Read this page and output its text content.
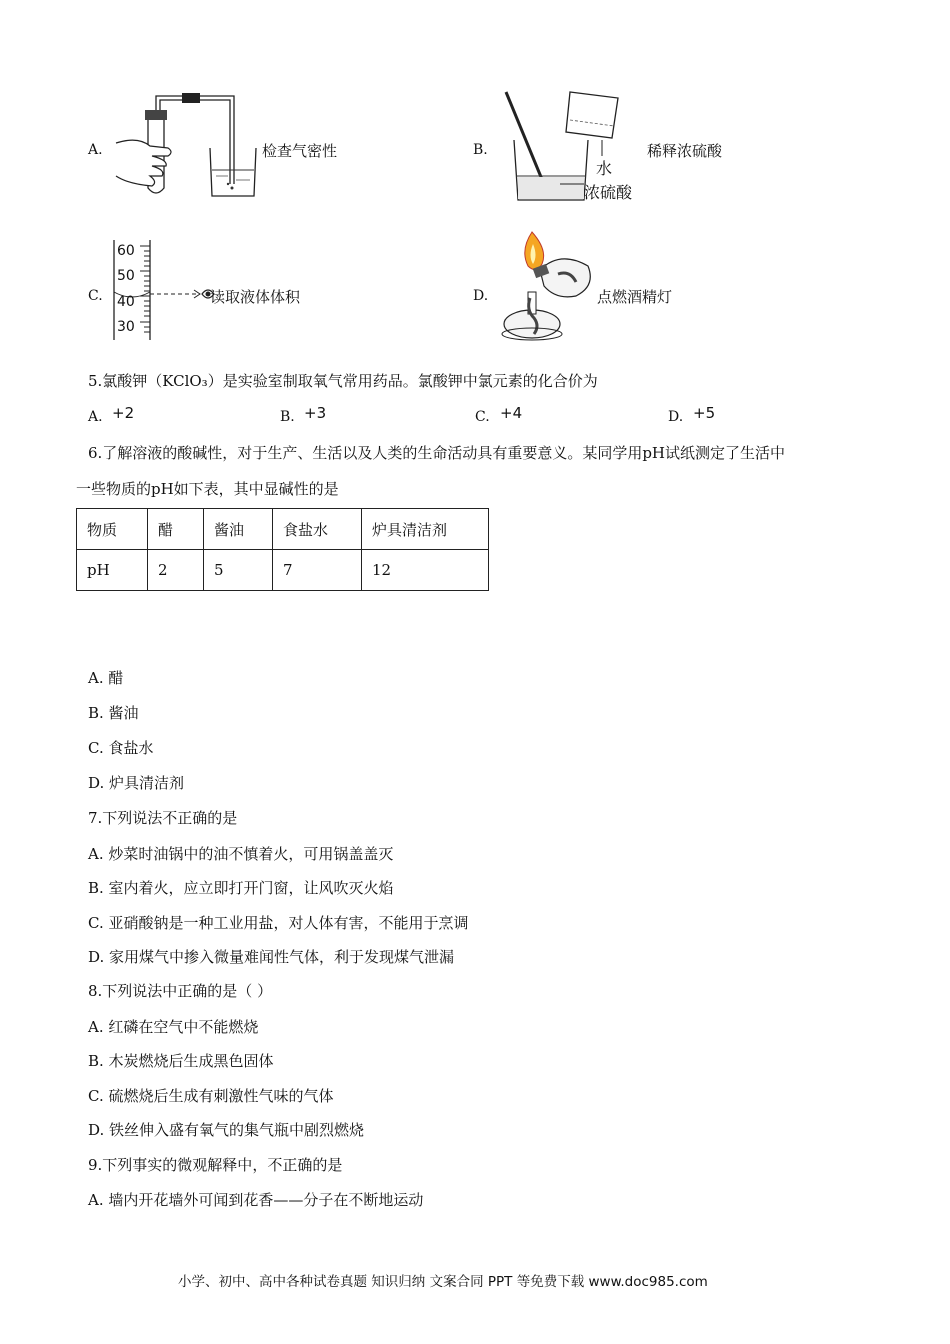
A.	检查气密性	B.
水
浓硫酸
稀释浓硫酸
C.
60
50
40
30
读取液体体积	D.	点燃酒精灯
5.氯酸钾（KClO₃）是实验室制取氧气常用药品。氯酸钾中氯元素的化合价为
A. +2	B. +3	C. +4	D. +5
6.了解溶液的酸碱性，对于生产、生活以及人类的生命活动具有重要意义。某同学用pH试纸测定了生活中
一些物质的pH如下表，其中显碱性的是
物质	醋	酱油	食盐水	炉具清洁剂
pH	2	5	7	12
A. 醋
B. 酱油
C. 食盐水
D. 炉具清洁剂
7.下列说法不正确的是
A. 炒菜时油锅中的油不慎着火，可用锅盖盖灭
B. 室内着火，应立即打开门窗，让风吹灭火焰
C. 亚硝酸钠是一种工业用盐，对人体有害，不能用于烹调
D. 家用煤气中掺入微量难闻性气体，利于发现煤气泄漏
8.下列说法中正确的是（ ）
A. 红磷在空气中不能燃烧
B. 木炭燃烧后生成黑色固体
C. 硫燃烧后生成有刺激性气味的气体
D. 铁丝伸入盛有氧气的集气瓶中剧烈燃烧
9.下列事实的微观解释中，不正确的是
A. 墙内开花墙外可闻到花香——分子在不断地运动
小学、初中、高中各种试卷真题 知识归纳 文案合同 PPT 等免费下载 www.doc985.com
